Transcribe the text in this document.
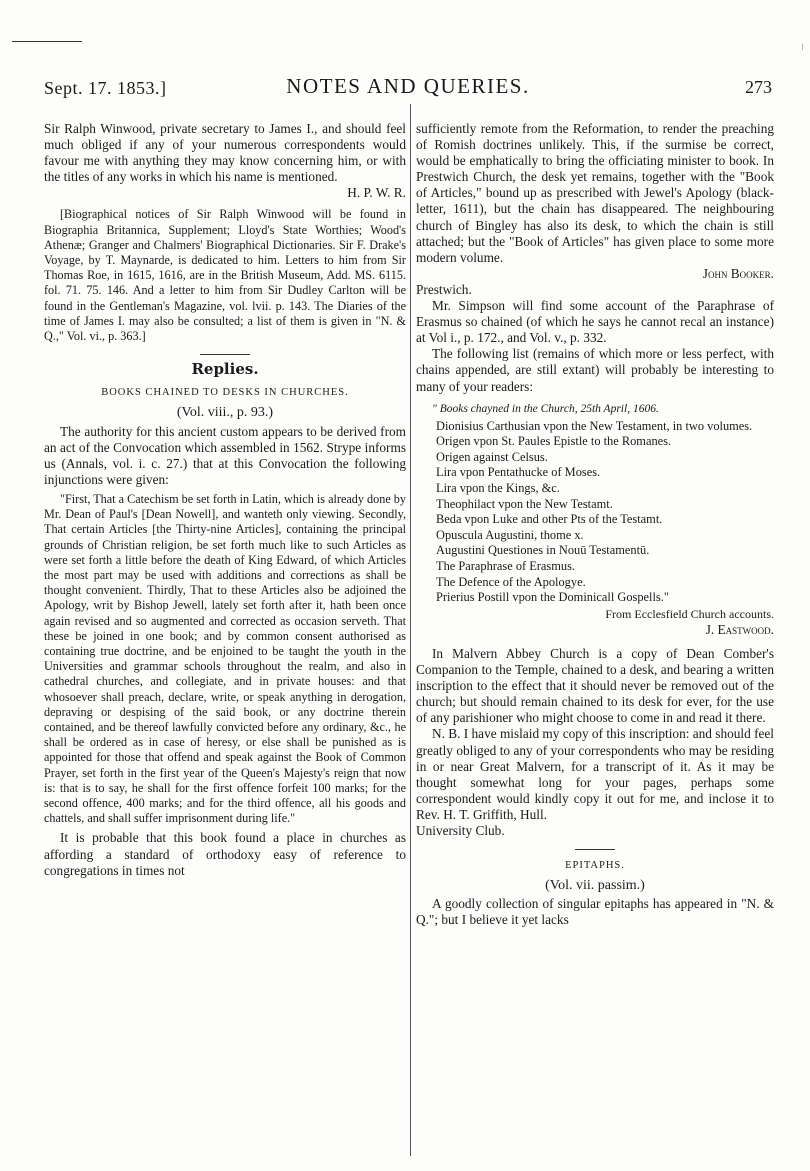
⁝
Sept. 17. 1853.]	NOTES AND QUERIES.	273

Sir Ralph Winwood, private secretary to James I., and should feel much obliged if any of your numerous correspondents would favour me with anything they may know concerning him, or with the titles of any works in which his name is mentioned.

H. P. W. R.

[Biographical notices of Sir Ralph Winwood will be found in Biographia Britannica, Supplement; Lloyd's State Worthies; Wood's Athenæ; Granger and Chalmers' Biographical Dictionaries. Sir F. Drake's Voyage, by T. Maynarde, is dedicated to him. Letters to him from Sir Thomas Roe, in 1615, 1616, are in the British Museum, Add. MS. 6115. fol. 71. 75. 146. And a letter to him from Sir Dudley Carlton will be found in the Gentleman's Magazine, vol. lvii. p. 143. The Diaries of the time of James I. may also be consulted; a list of them is given in "N. & Q.," Vol. vi., p. 363.]

Replies.
BOOKS CHAINED TO DESKS IN CHURCHES.
(Vol. viii., p. 93.)

The authority for this ancient custom appears to be derived from an act of the Convocation which assembled in 1562. Strype informs us (Annals, vol. i. c. 27.) that at this Convocation the following injunctions were given:

"First, That a Catechism be set forth in Latin, which is already done by Mr. Dean of Paul's [Dean Nowell], and wanteth only viewing. Secondly, That certain Articles [the Thirty-nine Articles], containing the principal grounds of Christian religion, be set forth much like to such Articles as were set forth a little before the death of King Edward, of which Articles the most part may be used with additions and corrections as shall be thought convenient. Thirdly, That to these Articles also be adjoined the Apology, writ by Bishop Jewell, lately set forth after it, hath been once again revised and so augmented and corrected as occasion serveth. That these be joined in one book; and by common consent authorised as containing true doctrine, and be enjoined to be taught the youth in the Universities and grammar schools throughout the realm, and also in cathedral churches, and collegiate, and in private houses: and that whosoever shall preach, declare, write, or speak anything in derogation, depraving or despising of the said book, or any doctrine therein contained, and be thereof lawfully convicted before any ordinary, &c., he shall be ordered as in case of heresy, or else shall be punished as is appointed for those that offend and speak against the Book of Common Prayer, set forth in the first year of the Queen's Majesty's reign that now is: that is to say, he shall for the first offence forfeit 100 marks; for the second offence, 400 marks; and for the third offence, all his goods and chattels, and shall suffer imprisonment during life."

It is probable that this book found a place in churches as affording a standard of orthodoxy easy of reference to congregations in times not

sufficiently remote from the Reformation, to render the preaching of Romish doctrines unlikely. This, if the surmise be correct, would be emphatically to bring the officiating minister to book. In Prestwich Church, the desk yet remains, together with the "Book of Articles," bound up as prescribed with Jewel's Apology (black-letter, 1611), but the chain has disappeared. The neighbouring church of Bingley has also its desk, to which the chain is still attached; but the "Book of Articles" has given place to some more modern volume.

John Booker.

Prestwich.

Mr. Simpson will find some account of the Paraphrase of Erasmus so chained (of which he says he cannot recal an instance) at Vol i., p. 172., and Vol. v., p. 332.

The following list (remains of which more or less perfect, with chains appended, are still extant) will probably be interesting to many of your readers:

" Books chayned in the Church, 25th April, 1606.
Dionisius Carthusian vpon the New Testament, in two volumes.
Origen vpon St. Paules Epistle to the Romanes.
Origen against Celsus.
Lira vpon Pentathucke of Moses.
Lira vpon the Kings, &c.
Theophilact vpon the New Testamt.
Beda vpon Luke and other Pts of the Testamt.
Opuscula Augustini, thome x.
Augustini Questiones in Nouū Testamentū.
The Paraphrase of Erasmus.
The Defence of the Apologye.
Prierius Postill vpon the Dominicall Gospells."

From Ecclesfield Church accounts.

J. Eastwood.

In Malvern Abbey Church is a copy of Dean Comber's Companion to the Temple, chained to a desk, and bearing a written inscription to the effect that it should never be removed out of the church; but should remain chained to its desk for ever, for the use of any parishioner who might choose to come in and read it there.

N. B. I have mislaid my copy of this inscription: and should feel greatly obliged to any of your correspondents who may be residing in or near Great Malvern, for a transcript of it. As it may be thought somewhat long for your pages, perhaps some correspondent would kindly copy it out for me, and inclose it to Rev. H. T. Griffith, Hull.

University Club.

EPITAPHS.
(Vol. vii. passim.)

A goodly collection of singular epitaphs has appeared in "N. & Q."; but I believe it yet lacks
